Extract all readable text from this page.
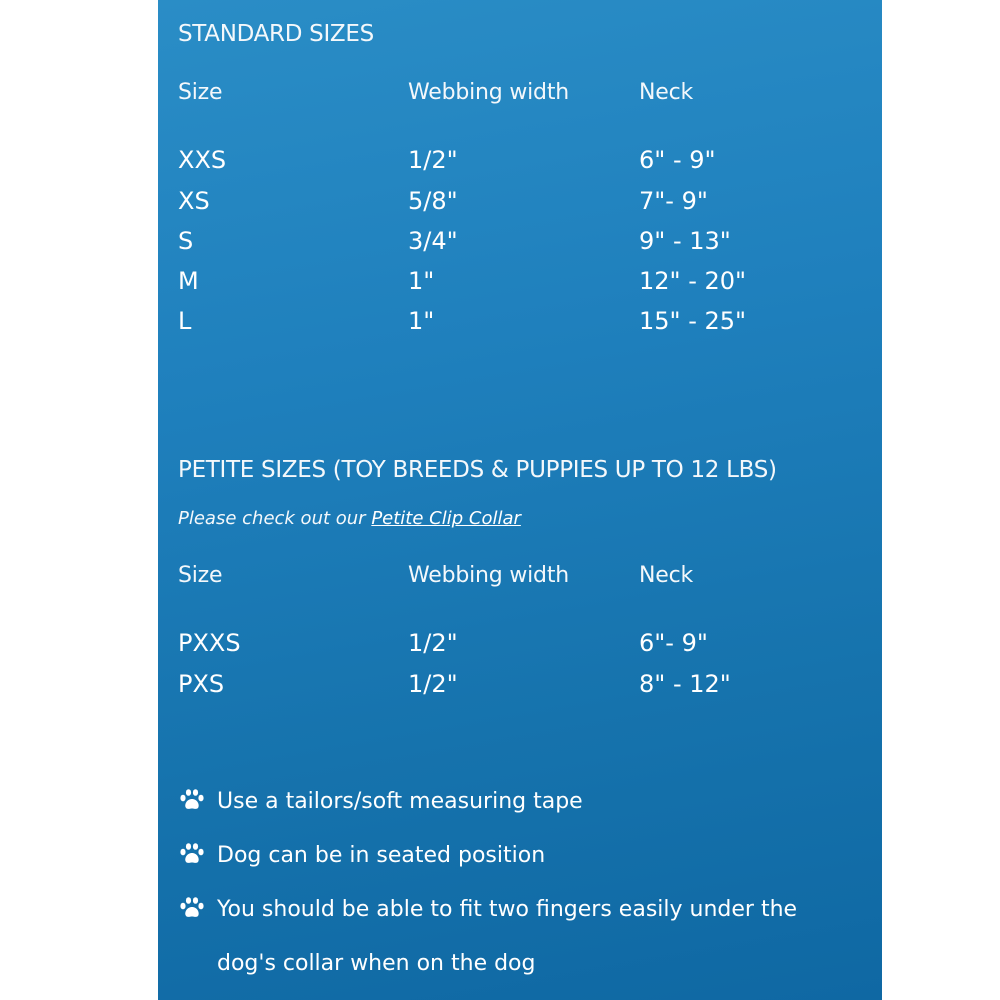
STANDARD SIZES
Size	Webbing width	Neck
XXS	1/2"	6" - 9"
XS	5/8"	7"- 9"
S	3/4"	9" - 13"
M	1"	12" - 20"
L	1"	15" - 25"
PETITE SIZES (TOY BREEDS & PUPPIES UP TO 12 LBS)
Please check out our Petite Clip Collar
Size	Webbing width	Neck
PXXS	1/2"	6"- 9"
PXS	1/2"	8" - 12"
Use a tailors/soft measuring tape
Dog can be in seated position
You should be able to fit two fingers easily under the
dog's collar when on the dog
